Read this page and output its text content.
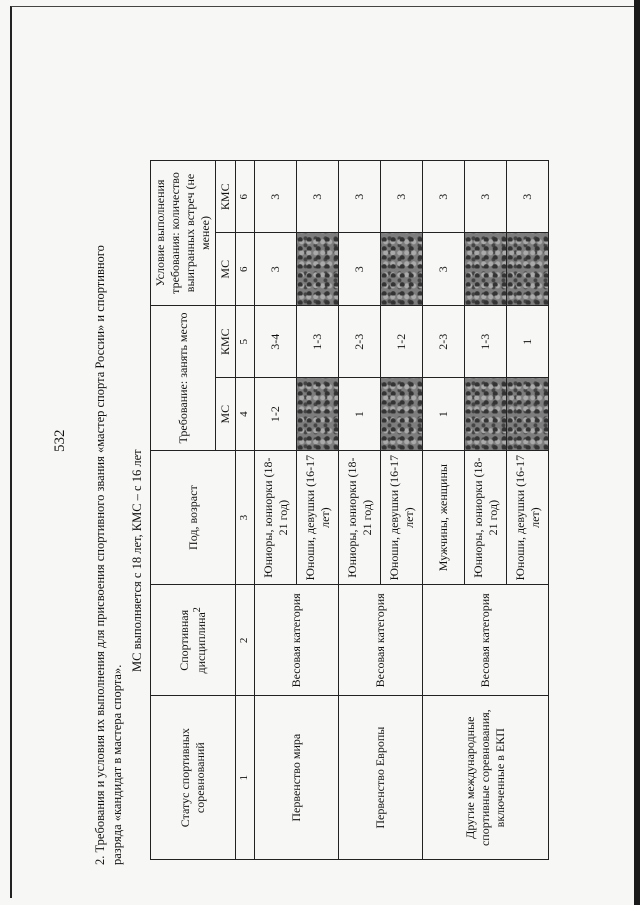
532 2. Требования и условия их выполнения для присвоения спортивного звания «мастер спорта России» и спортивного разряда «кандидат в мастера спорта».
МС выполняется с 18 лет, КМС – с 16 лет
Статус спортивных соревнований	Спортивная дисциплина$^2$	Под, возраст	Требование: занять место		Условие выполнения требования: количество выигранных встреч (не менее)	
			МС	КМС	МС	КМС
1	2	3	4	5	6	6
Первенство мира	Весовая категория	Юниоры, юниорки (18-21 год)	1-2	3-4	3	3
		Юноши, девушки (16-17 лет)		1-3		3
Первенство Европы	Весовая категория	Юниоры, юниорки (18-21 год)	1	2-3	3	3
		Юноши, девушки (16-17 лет)		1-2		3
Другие международные спортивные соревнования, включенные в ЕКП	Весовая категория	Мужчины, женщины	1	2-3	3	3
		Юниоры, юниорки (18-21 год)		1-3		3
		Юноши, девушки (16-17 лет)		1		3
